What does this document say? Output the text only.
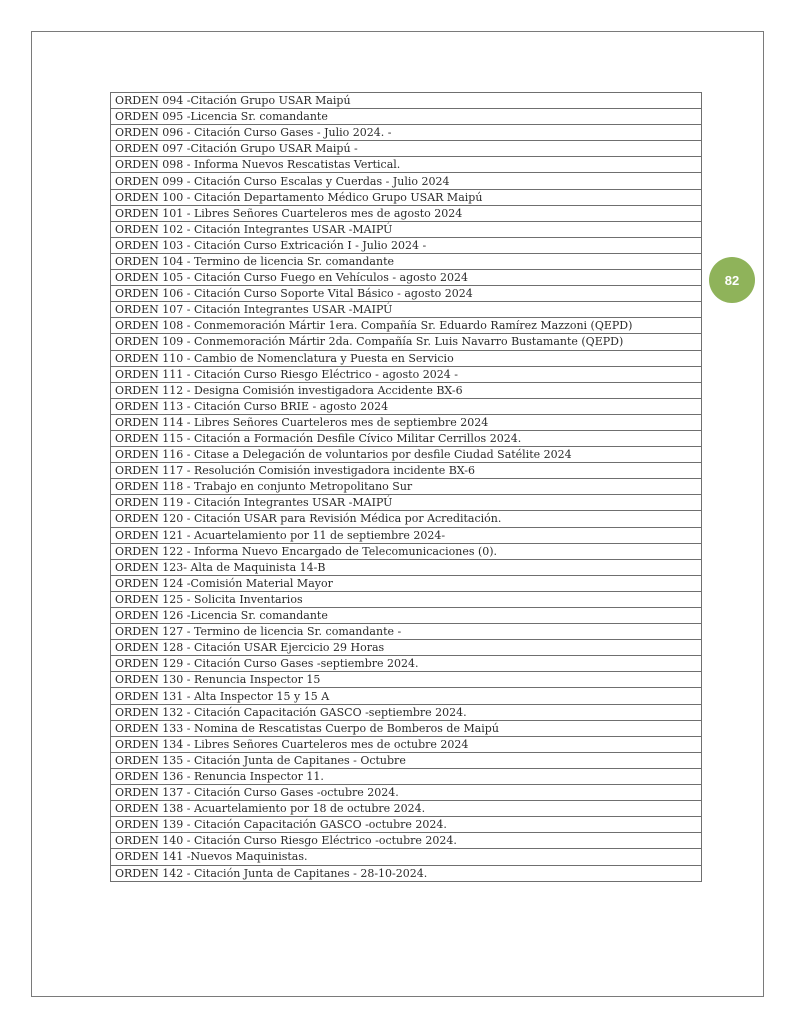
ORDEN 094 -Citación Grupo USAR Maipú
ORDEN 095 -Licencia Sr. comandante
ORDEN 096 - Citación Curso Gases - Julio 2024. -
ORDEN 097 -Citación Grupo USAR Maipú -
ORDEN 098 - Informa Nuevos Rescatistas Vertical.
ORDEN 099 - Citación Curso Escalas y Cuerdas - Julio 2024
ORDEN 100 - Citación Departamento Médico Grupo USAR Maipú
ORDEN 101 - Libres Señores Cuarteleros mes de agosto 2024
ORDEN 102 - Citación Integrantes USAR -MAIPÚ
ORDEN 103 - Citación Curso Extricación I - Julio 2024 -
ORDEN 104 - Termino de licencia Sr. comandante
ORDEN 105 - Citación Curso Fuego en Vehículos - agosto 2024
ORDEN 106 - Citación Curso Soporte Vital Básico - agosto 2024
ORDEN 107 - Citación Integrantes USAR -MAIPÚ
ORDEN 108 - Conmemoración Mártir 1era. Compañía Sr. Eduardo Ramírez Mazzoni (QEPD)
ORDEN 109 - Conmemoración Mártir 2da. Compañía Sr. Luis Navarro Bustamante (QEPD)
ORDEN 110 - Cambio de Nomenclatura y Puesta en Servicio
ORDEN 111 - Citación Curso Riesgo Eléctrico - agosto 2024 -
ORDEN 112 - Designa Comisión investigadora Accidente BX-6
ORDEN 113 - Citación Curso BRIE - agosto 2024
ORDEN 114 - Libres Señores Cuarteleros mes de septiembre 2024
ORDEN 115 - Citación a Formación Desfile Cívico Militar Cerrillos 2024.
ORDEN 116 - Citase a Delegación de voluntarios por desfile Ciudad Satélite 2024
ORDEN 117 - Resolución Comisión investigadora incidente BX-6
ORDEN 118 - Trabajo en conjunto Metropolitano Sur
ORDEN 119 - Citación Integrantes USAR -MAIPÚ
ORDEN 120 - Citación USAR para Revisión Médica por Acreditación.
ORDEN 121 - Acuartelamiento por 11 de septiembre 2024-
ORDEN 122 - Informa Nuevo Encargado de Telecomunicaciones (0).
ORDEN 123- Alta de Maquinista 14-B
ORDEN 124 -Comisión Material Mayor
ORDEN 125 - Solicita Inventarios
ORDEN 126 -Licencia Sr. comandante
ORDEN 127 - Termino de licencia Sr. comandante -
ORDEN 128 - Citación USAR Ejercicio 29 Horas
ORDEN 129 - Citación Curso Gases -septiembre 2024.
ORDEN 130 - Renuncia Inspector 15
ORDEN 131 - Alta Inspector 15 y 15 A
ORDEN 132 - Citación Capacitación GASCO -septiembre 2024.
ORDEN 133 - Nomina de Rescatistas Cuerpo de Bomberos de Maipú
ORDEN 134 - Libres Señores Cuarteleros mes de octubre 2024
ORDEN 135 - Citación Junta de Capitanes - Octubre
ORDEN 136 - Renuncia Inspector 11.
ORDEN 137 - Citación Curso Gases -octubre 2024.
ORDEN 138 - Acuartelamiento por 18 de octubre 2024.
ORDEN 139 - Citación Capacitación GASCO -octubre 2024.
ORDEN 140 - Citación Curso Riesgo Eléctrico -octubre 2024.
ORDEN 141 -Nuevos Maquinistas.
ORDEN 142 - Citación Junta de Capitanes - 28-10-2024.
82
